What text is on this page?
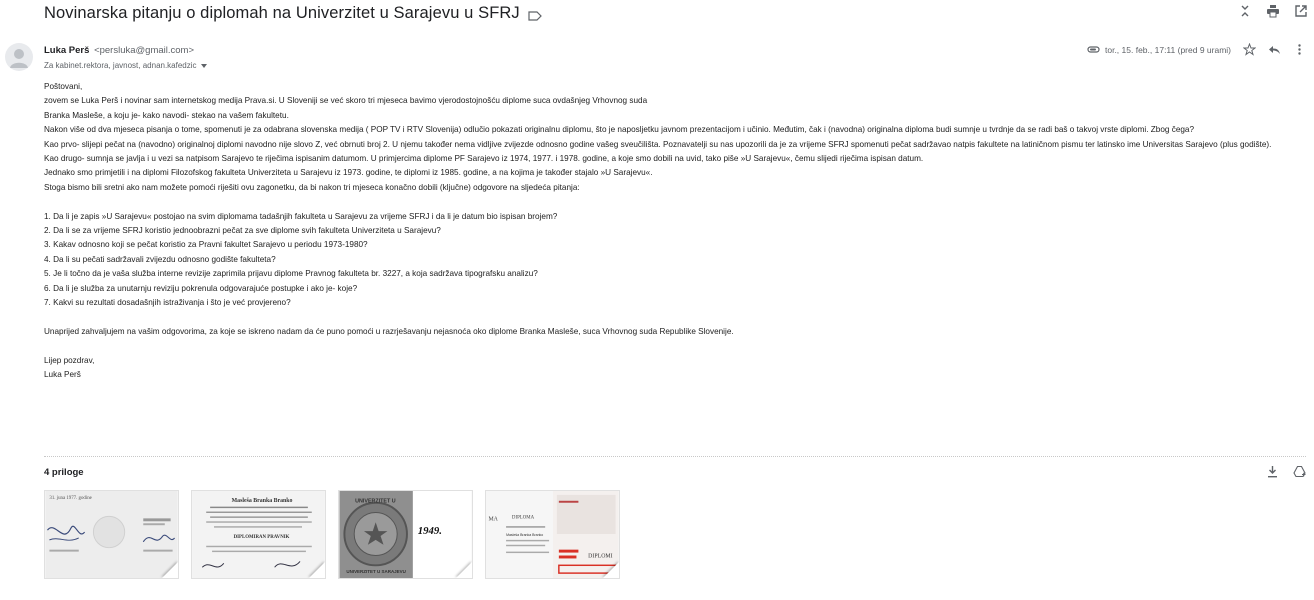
Novinarska pitanju o diplomah na Univerzitet u Sarajevu u SFRJ
Luka Perš <persluka@gmail.com>
Za kabinet.rektora, javnost, adnan.kafedzic
tor., 15. feb., 17:11 (pred 9 urami)

Poštovani,

zovem se Luka Perš i novinar sam internetskog medija Prava.si. U Sloveniji se već skoro tri mjeseca bavimo vjerodostojnošću diplome suca ovdašnjeg Vrhovnog suda

Branka Masleše, a koju je- kako navodi- stekao na vašem fakultetu.

Nakon više od dva mjeseca pisanja o tome, spomenuti je za odabrana slovenska medija ( POP TV i RTV Slovenija) odlučio pokazati originalnu diplomu, što je naposljetku javnom prezentacijom i učinio. Međutim, čak i (navodna) originalna diploma budi sumnje u tvrdnje da se radi baš o takvoj vrste diplomi. Zbog čega?

Kao prvo- slijepi pečat na (navodno) originalnoj diplomi navodno nije slovo Z, već obrnuti broj 2. U njemu također nema vidljive zvijezde odnosno godine vašeg sveučilišta. Poznavatelji su nas upozorili da je za vrijeme SFRJ spomenuti pečat sadržavao natpis fakultete na latiničnom pismu ter latinsko ime Universitas Sarajevo (plus godište).

Kao drugo- sumnja se javlja i u vezi sa natpisom Sarajevo te riječima ispisanim datumom. U primjercima diplome PF Sarajevo iz 1974, 1977. i 1978. godine, a koje smo dobili na uvid, tako piše »U Sarajevu«, čemu slijedi riječima ispisan datum.

Jednako smo primjetili i na diplomi Filozofskog fakulteta Univerziteta u Sarajevu iz 1973. godine, te diplomi iz 1985. godine, a na kojima je također stajalo »U Sarajevu«.

Stoga bismo bili sretni ako nam možete pomoći riješiti ovu zagonetku, da bi nakon tri mjeseca konačno dobili (ključne) odgovore na sljedeća pitanja:

1. Da li je zapis »U Sarajevu« postojao na svim diplomama tadašnjih fakulteta u Sarajevu za vrijeme SFRJ i da li je datum bio ispisan brojem?

2. Da li se za vrijeme SFRJ koristio jednoobrazni pečat za sve diplome svih fakulteta Univerziteta u Sarajevu?

3. Kakav odnosno koji se pečat koristio za Pravni fakultet Sarajevo u periodu 1973-1980?

4. Da li su pečati sadržavali zvijezdu odnosno godište fakulteta?

5. Je li točno da je vaša služba interne revizije zaprimila prijavu diplome Pravnog fakulteta br. 3227, a koja sadržava tipografsku analizu?

6. Da li je služba za unutarnju reviziju pokrenula odgovarajuće postupke i ako je- koje?

7. Kakvi su rezultati dosadašnjih istraživanja i što je već provjereno?

Unaprijed zahvaljujem na vašim odgovorima, za koje se iskreno nadam da će puno pomoći u razrješavanju nejasnoća oko diplome Branka Masleše, suca Vrhovnog suda Republike Slovenije.

Lijep pozdrav,

Luka Perš

4 priloge
31. juna 1977. godine	Masleša Branka Branko
DIPLOMIRAN PRAVNIK
UNIVERZITET U
UNIVERZITET U SARAJEVU
1949.
MA	DIPLOMA
Masleša Branka Branko
DIPLOMI
